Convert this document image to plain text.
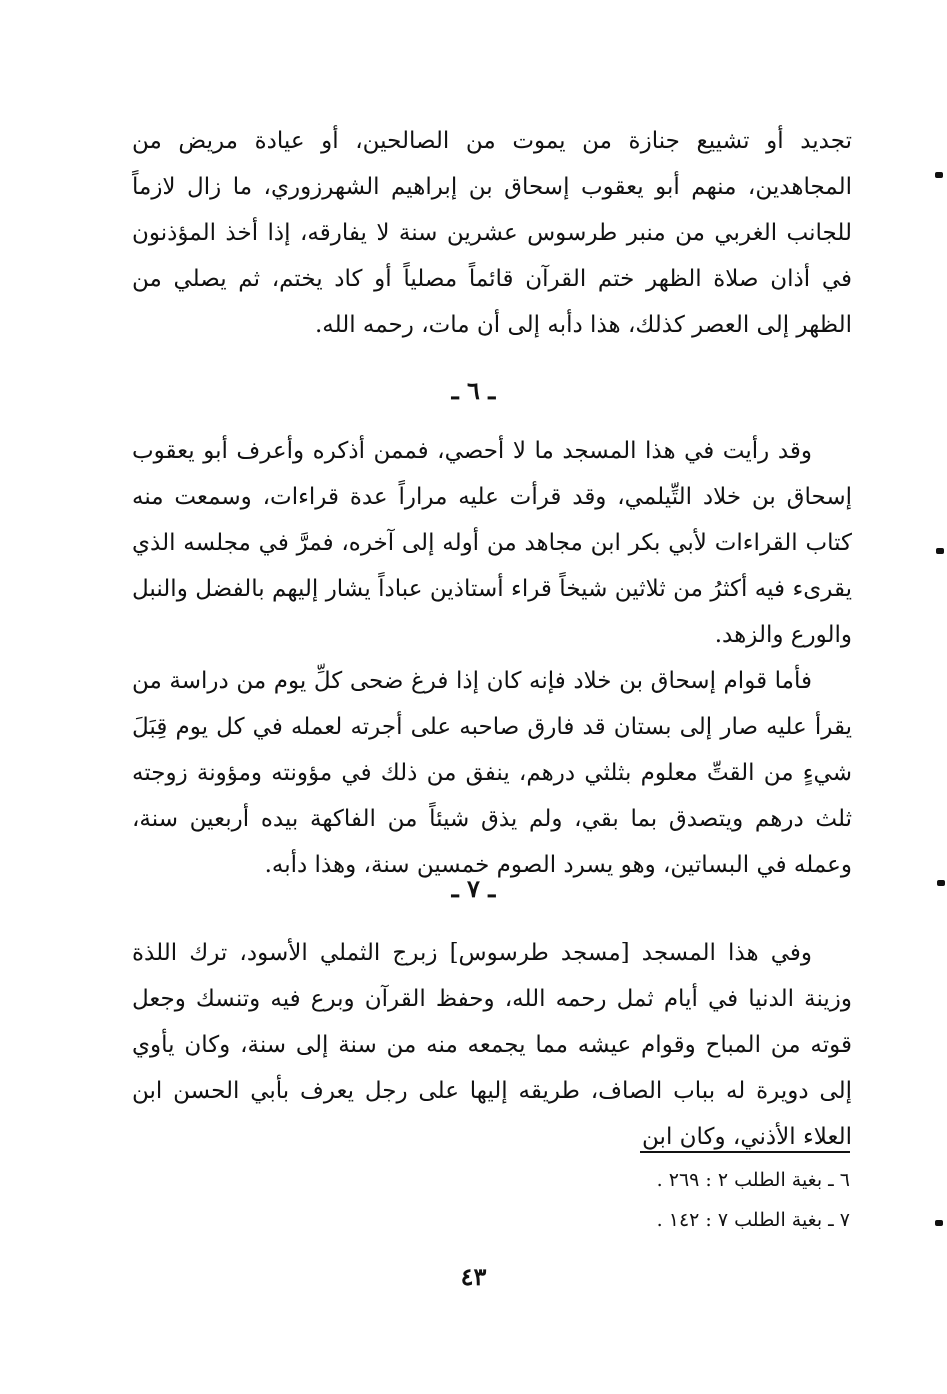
تجديد أو تشييع جنازة من يموت من الصالحين، أو عيادة مريض من المجاهدين، منهم أبو يعقوب إسحاق بن إبراهيم الشهرزوري، ما زال لازماً للجانب الغربي من منبر طرسوس عشرين سنة لا يفارقه، إذا أخذ المؤذنون في أذان صلاة الظهر ختم القرآن قائماً مصلياً أو كاد يختم، ثم يصلي من الظهر إلى العصر كذلك، هذا دأبه إلى أن مات، رحمه الله.

ـ ٦ ـ

وقد رأيت في هذا المسجد ما لا أحصي، فممن أذكره وأعرف أبو يعقوب إسحاق بن خلاد التِّيلمي، وقد قرأت عليه مراراً عدة قراءات، وسمعت منه كتاب القراءات لأبي بكر ابن مجاهد من أوله إلى آخره، فمرَّ في مجلسه الذي يقرىء فيه أكثرُ من ثلاثين شيخاً قراء أستاذين عباداً يشار إليهم بالفضل والنبل والورع والزهد.

فأما قوام إسحاق بن خلاد فإنه كان إذا فرغ ضحى كلِّ يوم من دراسة من يقرأ عليه صار إلى بستان قد فارق صاحبه على أجرته لعمله في كل يوم قِبَلَ شيءٍ من القتِّ معلوم بثلثي درهم، ينفق من ذلك في مؤونته ومؤونة زوجته ثلث درهم ويتصدق بما بقي، ولم يذق شيئاً من الفاكهة بيده أربعين سنة، وعمله في البساتين، وهو يسرد الصوم خمسين سنة، وهذا دأبه.

ـ ٧ ـ

وفي هذا المسجد [مسجد طرسوس] زبرج الثملي الأسود، ترك اللذة وزينة الدنيا في أيام ثمل رحمه الله، وحفظ القرآن وبرع فيه وتنسك وجعل قوته من المباح وقوام عيشه مما يجمعه منه من سنة إلى سنة، وكان يأوي إلى دويرة له بباب الصاف، طريقه إليها على رجل يعرف بأبي الحسن ابن العلاء الأذني، وكان ابن

٦ ـ بغية الطلب ٢ : ٢٦٩ .

٧ ـ بغية الطلب ٧ : ١٤٢ .

٤٣
